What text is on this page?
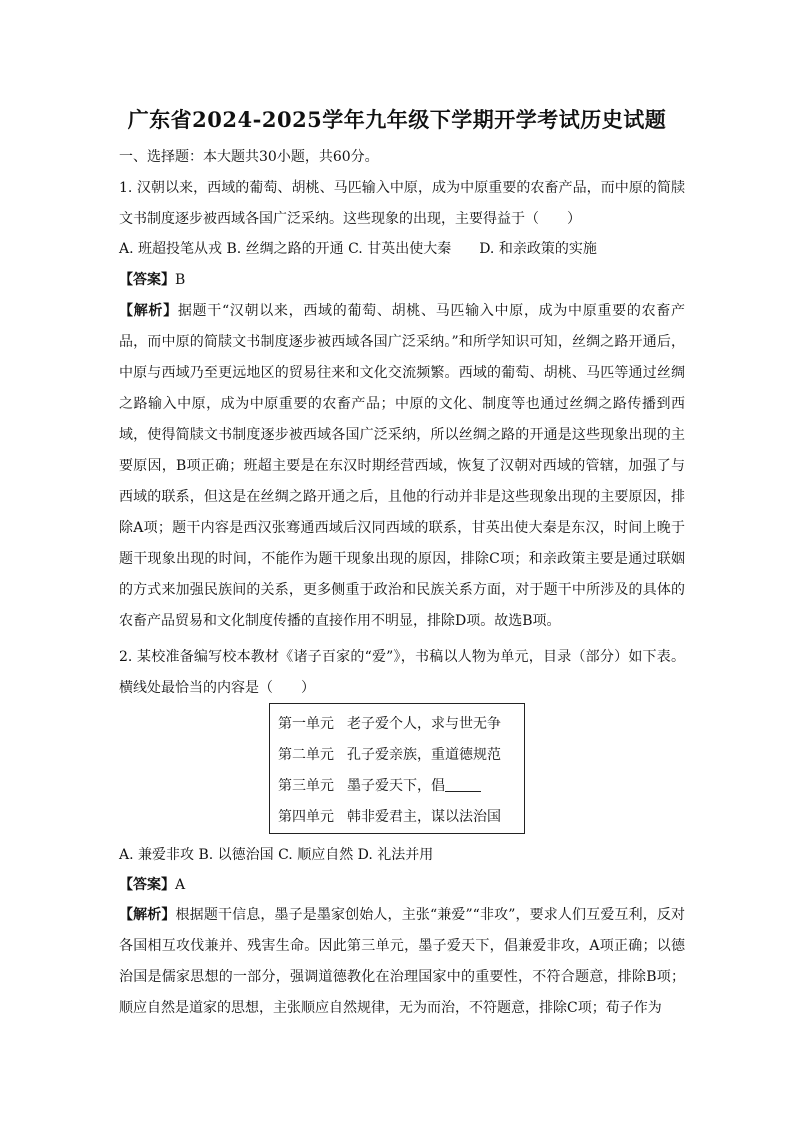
广东省2024-2025学年九年级下学期开学考试历史试题
一、选择题：本大题共30小题，共60分。
1. 汉朝以来，西域的葡萄、胡桃、马匹输入中原，成为中原重要的农畜产品，而中原的简牍文书制度逐步被西域各国广泛采纳。这些现象的出现，主要得益于（　　）
A. 班超投笔从戎 B. 丝绸之路的开通 C. 甘英出使大秦　　D. 和亲政策的实施
【答案】B
【解析】据题干“汉朝以来，西域的葡萄、胡桃、马匹输入中原，成为中原重要的农畜产品，而中原的简牍文书制度逐步被西域各国广泛采纳。”和所学知识可知，丝绸之路开通后，中原与西域乃至更远地区的贸易往来和文化交流频繁。西域的葡萄、胡桃、马匹等通过丝绸之路输入中原，成为中原重要的农畜产品；中原的文化、制度等也通过丝绸之路传播到西域，使得简牍文书制度逐步被西域各国广泛采纳，所以丝绸之路的开通是这些现象出现的主要原因，B项正确；班超主要是在东汉时期经营西域，恢复了汉朝对西域的管辖，加强了与西域的联系，但这是在丝绸之路开通之后，且他的行动并非是这些现象出现的主要原因，排除A项；题干内容是西汉张骞通西域后汉同西域的联系，甘英出使大秦是东汉，时间上晚于题干现象出现的时间，不能作为题干现象出现的原因，排除C项；和亲政策主要是通过联姻的方式来加强民族间的关系，更多侧重于政治和民族关系方面，对于题干中所涉及的具体的农畜产品贸易和文化制度传播的直接作用不明显，排除D项。故选B项。
2. 某校准备编写校本教材《诸子百家的“爱”》，书稿以人物为单元，目录（部分）如下表。横线处最恰当的内容是（　　）
第一单元 老子爱个人，求与世无争
第二单元 孔子爱亲族，重道德规范
第三单元 墨子爱天下，倡
第四单元 韩非爱君主，谋以法治国
A. 兼爱非攻 B. 以德治国 C. 顺应自然 D. 礼法并用
【答案】A
【解析】根据题干信息，墨子是墨家创始人，主张“兼爱”“非攻”，要求人们互爱互利，反对各国相互攻伐兼并、残害生命。因此第三单元，墨子爱天下，倡兼爱非攻，A项正确；以德治国是儒家思想的一部分，强调道德教化在治理国家中的重要性，不符合题意，排除B项；顺应自然是道家的思想，主张顺应自然规律，无为而治，不符题意，排除C项；荀子作为
